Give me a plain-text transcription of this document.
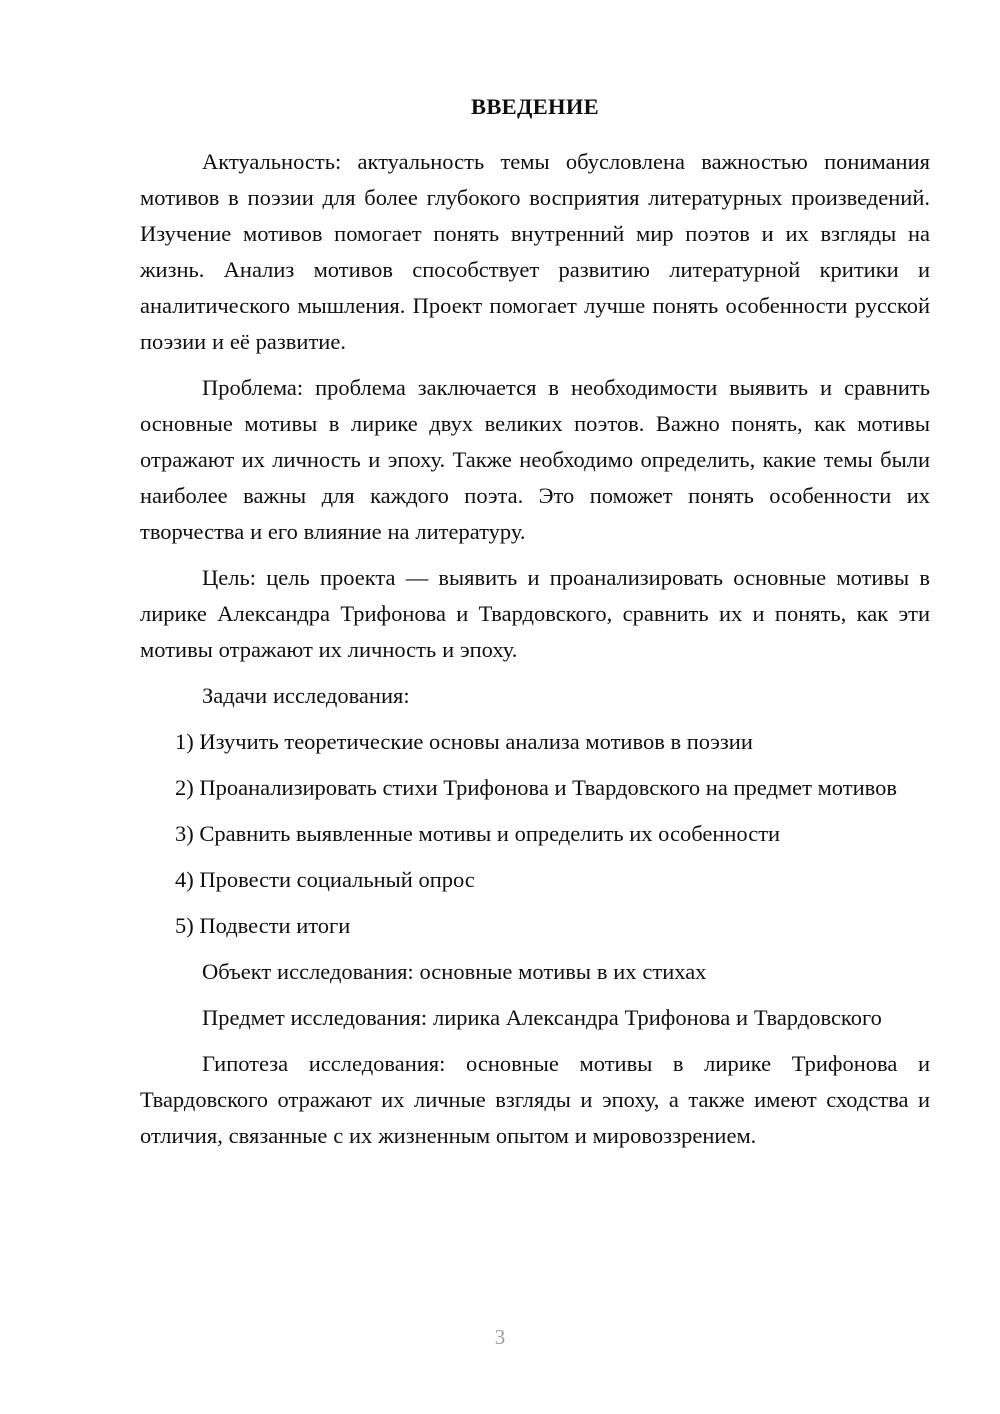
ВВЕДЕНИЕ

Актуальность: актуальность темы обусловлена важностью понимания мотивов в поэзии для более глубокого восприятия литературных произведений. Изучение мотивов помогает понять внутренний мир поэтов и их взгляды на жизнь. Анализ мотивов способствует развитию литературной критики и аналитического мышления. Проект помогает лучше понять особенности русской поэзии и её развитие.

Проблема: проблема заключается в необходимости выявить и сравнить основные мотивы в лирике двух великих поэтов. Важно понять, как мотивы отражают их личность и эпоху. Также необходимо определить, какие темы были наиболее важны для каждого поэта. Это поможет понять особенности их творчества и его влияние на литературу.

Цель: цель проекта — выявить и проанализировать основные мотивы в лирике Александра Трифонова и Твардовского, сравнить их и понять, как эти мотивы отражают их личность и эпоху.

Задачи исследования:

1) Изучить теоретические основы анализа мотивов в поэзии

2) Проанализировать стихи Трифонова и Твардовского на предмет мотивов

3) Сравнить выявленные мотивы и определить их особенности

4) Провести социальный опрос

5) Подвести итоги

Объект исследования: основные мотивы в их стихах

Предмет исследования: лирика Александра Трифонова и Твардовского

Гипотеза исследования: основные мотивы в лирике Трифонова и Твардовского отражают их личные взгляды и эпоху, а также имеют сходства и отличия, связанные с их жизненным опытом и мировоззрением.

3
